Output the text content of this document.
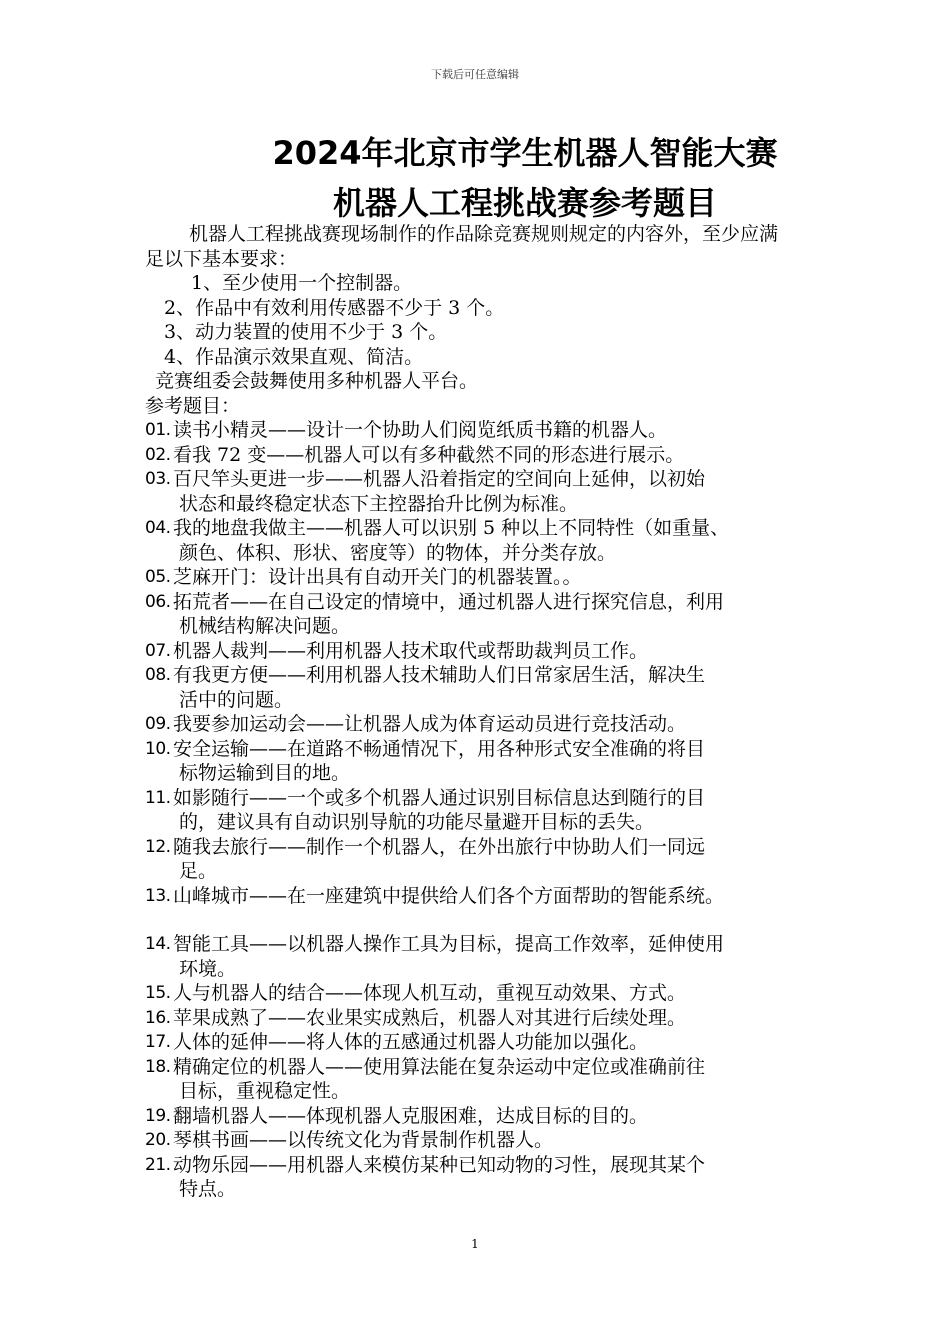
下载后可任意编辑
2024年北京市学生机器人智能大赛
机器人工程挑战赛参考题目
机器人工程挑战赛现场制作的作品除竞赛规则规定的内容外，至少应满
足以下基本要求：
1、至少使用一个控制器。
2、作品中有效利用传感器不少于 3 个。
3、动力装置的使用不少于 3 个。
4、作品演示效果直观、简洁。
竞赛组委会鼓舞使用多种机器人平台。
参考题目：
01. 读书小精灵——设计一个协助人们阅览纸质书籍的机器人。
02. 看我 72 变——机器人可以有多种截然不同的形态进行展示。
03. 百尺竿头更进一步——机器人沿着指定的空间向上延伸，以初始
状态和最终稳定状态下主控器抬升比例为标准。
04. 我的地盘我做主——机器人可以识别 5 种以上不同特性（如重量、
颜色、体积、形状、密度等）的物体，并分类存放。
05. 芝麻开门：设计出具有自动开关门的机器装置。。
06. 拓荒者——在自己设定的情境中，通过机器人进行探究信息，利用
机械结构解决问题。
07. 机器人裁判——利用机器人技术取代或帮助裁判员工作。
08. 有我更方便——利用机器人技术辅助人们日常家居生活，解决生
活中的问题。
09. 我要参加运动会——让机器人成为体育运动员进行竞技活动。
10. 安全运输——在道路不畅通情况下，用各种形式安全准确的将目
标物运输到目的地。
11. 如影随行——一个或多个机器人通过识别目标信息达到随行的目
的，建议具有自动识别导航的功能尽量避开目标的丢失。
12. 随我去旅行——制作一个机器人，在外出旅行中协助人们一同远
足。
13. 山峰城市——在一座建筑中提供给人们各个方面帮助的智能系统。
14. 智能工具——以机器人操作工具为目标，提高工作效率，延伸使用
环境。
15. 人与机器人的结合——体现人机互动，重视互动效果、方式。
16. 苹果成熟了——农业果实成熟后，机器人对其进行后续处理。
17. 人体的延伸——将人体的五感通过机器人功能加以强化。
18. 精确定位的机器人——使用算法能在复杂运动中定位或准确前往
目标，重视稳定性。
19. 翻墙机器人——体现机器人克服困难，达成目标的目的。
20. 琴棋书画——以传统文化为背景制作机器人。
21. 动物乐园——用机器人来模仿某种已知动物的习性，展现其某个
特点。
1
